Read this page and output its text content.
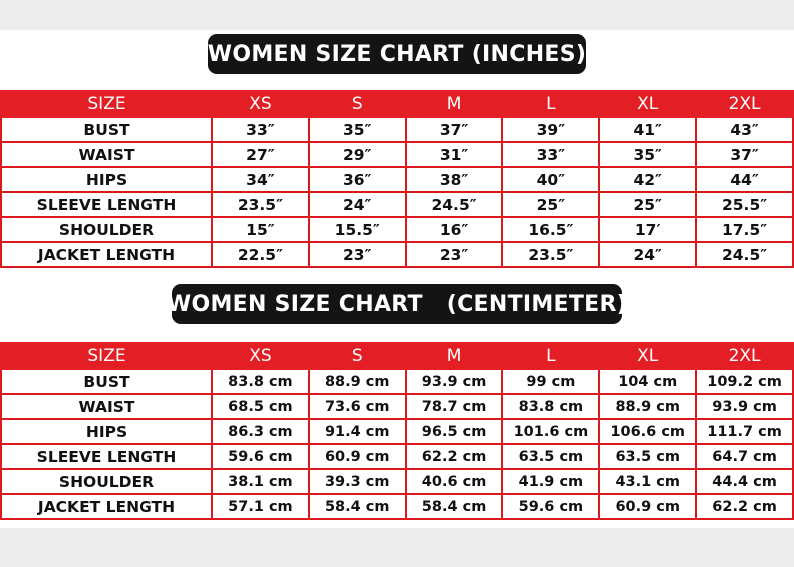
WOMEN SIZE CHART (INCHES)
SIZE	XS	S	M	L	XL	2XL
BUST	33″	35″	37″	39″	41″	43″
WAIST	27″	29″	31″	33″	35″	37″
HIPS	34″	36″	38″	40″	42″	44″
SLEEVE LENGTH	23.5″	24″	24.5″	25″	25″	25.5″
SHOULDER	15″	15.5″	16″	16.5″	17′	17.5″
JACKET LENGTH	22.5″	23″	23″	23.5″	24″	24.5″
WOMEN SIZE CHART   (CENTIMETER)
SIZE	XS	S	M	L	XL	2XL
BUST	83.8 cm	88.9 cm	93.9 cm	99 cm	104 cm	109.2 cm
WAIST	68.5 cm	73.6 cm	78.7 cm	83.8 cm	88.9 cm	93.9 cm
HIPS	86.3 cm	91.4 cm	96.5 cm	101.6 cm	106.6 cm	111.7 cm
SLEEVE LENGTH	59.6 cm	60.9 cm	62.2 cm	63.5 cm	63.5 cm	64.7 cm
SHOULDER	38.1 cm	39.3 cm	40.6 cm	41.9 cm	43.1 cm	44.4 cm
JACKET LENGTH	57.1 cm	58.4 cm	58.4 cm	59.6 cm	60.9 cm	62.2 cm
